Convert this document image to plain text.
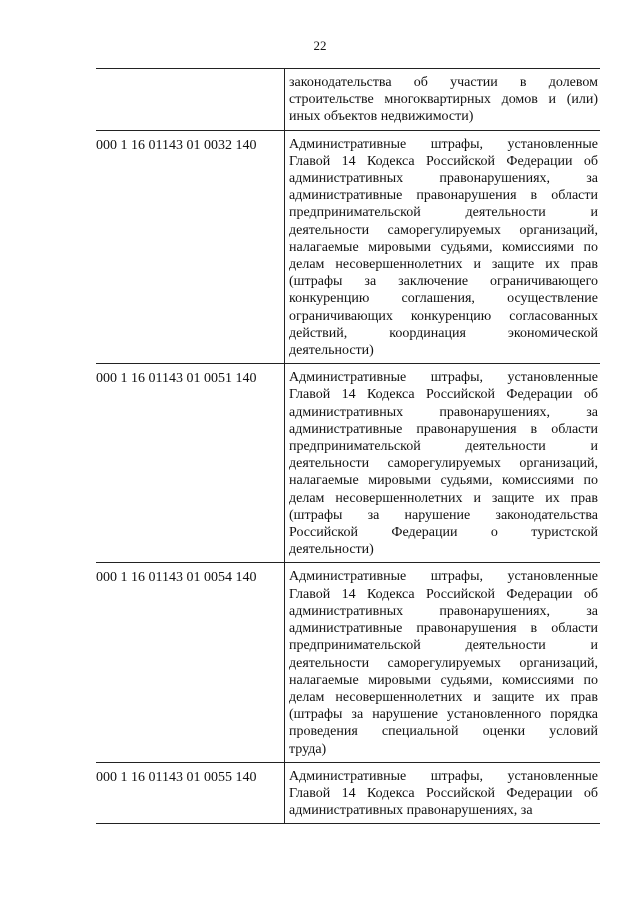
22
законодательства об участии в долевом
строительстве многоквартирных домов и (или)
иных объектов недвижимости)
000 1 16 01143 01 0032 140	Административные штрафы, установленные
Главой 14 Кодекса Российской Федерации об
административных правонарушениях, за
административные правонарушения в области
предпринимательской деятельности и
деятельности саморегулируемых организаций,
налагаемые мировыми судьями, комиссиями по
делам несовершеннолетних и защите их прав
(штрафы за заключение ограничивающего
конкуренцию соглашения, осуществление
ограничивающих конкуренцию согласованных
действий, координация экономической
деятельности)
000 1 16 01143 01 0051 140	Административные штрафы, установленные
Главой 14 Кодекса Российской Федерации об
административных правонарушениях, за
административные правонарушения в области
предпринимательской деятельности и
деятельности саморегулируемых организаций,
налагаемые мировыми судьями, комиссиями по
делам несовершеннолетних и защите их прав
(штрафы за нарушение законодательства
Российской Федерации о туристской
деятельности)
000 1 16 01143 01 0054 140	Административные штрафы, установленные
Главой 14 Кодекса Российской Федерации об
административных правонарушениях, за
административные правонарушения в области
предпринимательской деятельности и
деятельности саморегулируемых организаций,
налагаемые мировыми судьями, комиссиями по
делам несовершеннолетних и защите их прав
(штрафы за нарушение установленного порядка
проведения специальной оценки условий
труда)
000 1 16 01143 01 0055 140	Административные штрафы, установленные
Главой 14 Кодекса Российской Федерации об
административных правонарушениях, за
